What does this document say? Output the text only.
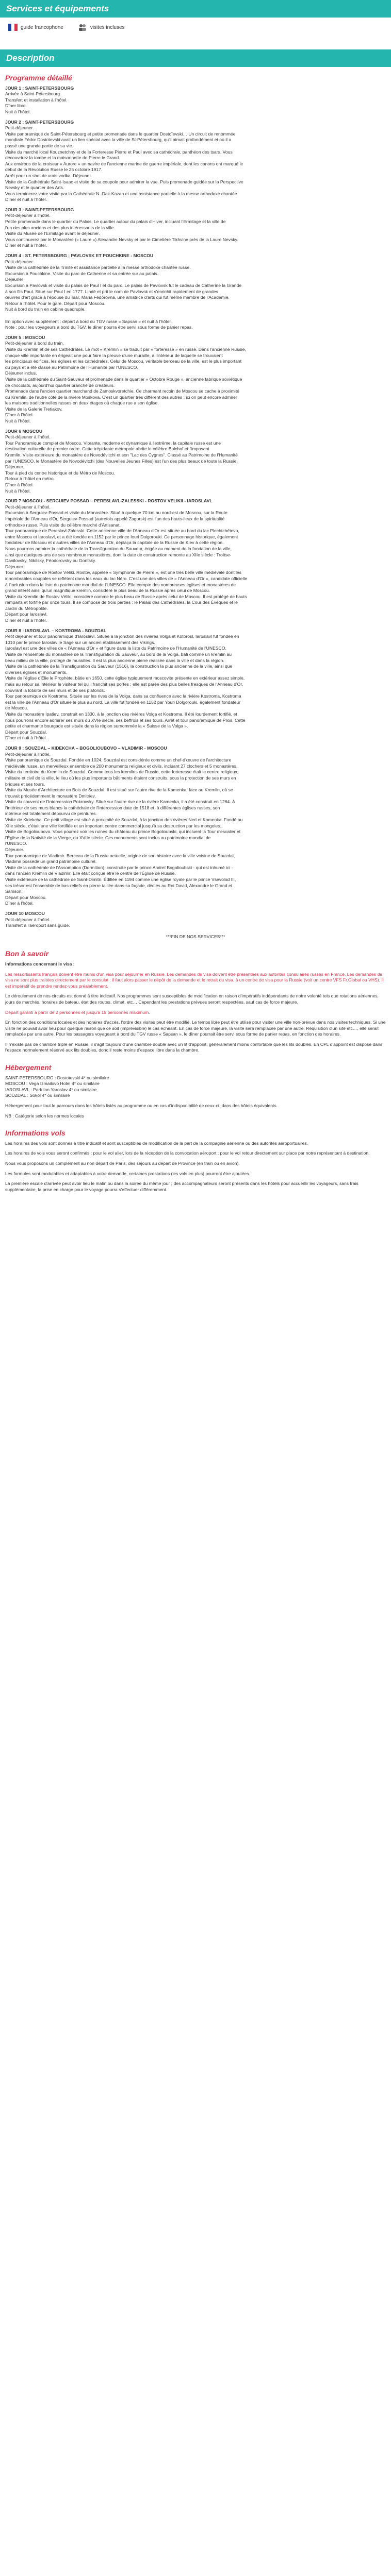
Services et équipements
guide francophone	visites incluses
Description
Programme détaillé
JOUR 1 : SAINT-PETERSBOURG
Arrivée à Saint-Pétersbourg.
Transfert et installation à l'hôtel.
Dîner libre.
Nuit à l'hôtel.
JOUR 2 : SAINT-PETERSBOURG
Petit-déjeuner.
Visite panoramique de Saint-Pétersbourg et petite promenade dans le quartier Dostoïevski… Un circuit de renommée
mondiale Fédor Dostoïevski avait un lien spécial avec la ville de St-Pétersbourg, qu'il aimait profondément et où il a
passé une grande partie de sa vie.
Visite du marché local Kouznetchny et de la Forteresse Pierre et Paul avec sa cathédrale, panthéon des tsars. Vous
découvrirez la tombe et la maisonnette de Pierre le Grand.
Aux environs de la croiseur « Aurore » un navire de l'ancienne marine de guerre impériale, dont les canons ont marqué le
début de la Révolution Russe le 25 octobre 1917.
Arrêt pour un shot de vrais vodka. Déjeuner.
Visite de la Cathédrale Saint-Isaac et visite de sa coupole pour admirer la vue. Puis promenade guidée sur la Perspective
Nevsky et le quartier des Arts.
Vous terminerez votre visite par la Cathédrale N.-Dak-Kazan et une assistance partielle à la messe orthodoxe chantée.
Dîner et nuit à l'hôtel.
JOUR 3 : SAINT-PETERSBOURG
Petit-déjeuner à l'hôtel.
Petite promenade dans le quartier du Palais. Le quartier autour du palais d'Hiver, incluant l'Ermitage et la ville de
l'un des plus anciens et des plus intéressants de la ville.
Visite du Musée de l'Ermitage avant le déjeuner.
Vous continuerez par le Monastère (« Laure ») Alexandre Nevsky et par le Cimetière Tikhvine près de la Laure Nevsky.
Dîner et nuit à l'hôtel.
JOUR 4 : ST. PETERSBOURG ; PAVLOVSK ET POUCHKINE - MOSCOU
Petit-déjeuner.
Visite de la cathédrale de la Trinité et assistance partielle à la messe orthodoxe chantée russe.
Excursion à Pouchkine. Visite du parc de Catherine et sa entrée sur au palais.
Déjeuner
Excursion à Pavlovsk et visite du palais de Paul I et du parc. Le palais de Pavlovsk fut le cadeau de Catherine la Grande
à son fils Paul. Situé sur Paul I en 1777. Lindé et prit le nom de Pavlovsk et s'enrichit rapidement de grandes
œuvres d'art grâce à l'épouse du Tsar, Maria Fedorovna, une amatrice d'arts qui fut même membre de l'Académie.
Retour à l'hôtel. Pour le gare. Départ pour Moscou.
Nuit à bord du train en cabine quadruple.

En option avec supplément : départ à bord du TGV russe « Sapsan » et nuit à l'hôtel.
Note : pour les voyageurs à bord du TGV, le dîner pourra être servi sous forme de panier repas.
JOUR 5 : MOSCOU
Petit-déjeuner à bord du train.
Visite du Kremlin et de ses Cathédrales. Le mot « Kremlin » se traduit par « forteresse » en russe. Dans l'ancienne Russie,
chaque ville importante en érigeait une pour faire la preuve d'une muraille, à l'intérieur de laquelle se trouvaient
les principaux édifices, les églises et les cathédrales. Celui de Moscou, véritable berceau de la ville, est le plus important
du pays et a été classé au Patrimoine de l'Humanité par l'UNESCO.
Déjeuner inclus.
Visite de la cathédrale du Saint-Sauveur et promenade dans le quartier « Octobre Rouge », ancienne fabrique soviétique
de chocolats, aujourd'hui quartier branché de créateurs.
Promenade dans l'ancien quartier marchand de Zamoskvoretchie. Ce charmant recoin de Moscou se cache à proximité
du Kremlin, de l'autre côté de la rivière Moskova. C'est un quartier très différent des autres : ici on peut encore admirer
les maisons traditionnelles russes en deux étages où chaque rue a son église.
Visite de la Galerie Tretiakov.
Dîner à l'hôtel.
Nuit à l'hôtel.
JOUR 6 MOSCOU
Petit-déjeuner à l'hôtel.
Tour Panoramique complet de Moscou. Vibrante, moderne et dynamique à l'extrême, la capitale russe est une
destination culturelle de premier ordre. Cette trépidante métropole abrite le célèbre Bolchoï et l'imposant
Kremlin. Visite extérieure du monastère de Novodévitchi et son "Lac des Cygnes". Classé au Patrimoine de l'Humanité
par l'UNESCO, le Monastère de Novodévitchi (des Nouvelles Jeunes Filles) est l'un des plus beaux de toute la Russie.
Déjeuner.
Tour à pied du centre historique et du Métro de Moscou.
Retour à l'hôtel en métro.
Dîner à l'hôtel.
Nuit à l'hôtel.
JOUR 7 MOSCOU - SERGUIEV POSSAD – PERESLAVL-ZALESSKI - ROSTOV VELIKII - IAROSLAVL
Petit-déjeuner à l'hôtel.
Excursion à Serguiev-Possad et visite du Monastère. Situé à quelque 70 km au nord-est de Moscou, sur la Route
Impériale de l'Anneau d'Or, Serguiev-Possad (autrefois appelé Zagorsk) est l'un des hauts-lieux de la spiritualité
orthodoxe russe. Puis visite du célèbre marché d'Artisanat.
Tour panoramique de Pereslavl-Zalesski. Cette ancienne ville de l'Anneau d'Or est située au bord du lac Plechtchéïevo,
entre Moscou et Iaroslavl, et a été fondée en 1152 par le prince Iouri Dolgorouki. Ce personnage historique, également
fondateur de Moscou et d'autres villes de l'Anneau d'Or, déplaça la capitale de la Russie de Kiev à cette région.
Nous pourrons admirer la cathédrale de la Transfiguration du Sauveur, érigée au moment de la fondation de la ville,
ainsi que quelques-uns de ses nombreux monastères, dont la date de construction remonte au XIIe siècle : Troïtse-
Danilovsky, Nikitsky, Féodorovsky ou Goritsky.
Déjeuner.
Tour panoramique de Rostov Véliki. Rostov, appelée « Symphonie de Pierre », est une très belle ville médiévale dont les
innombrables coupoles se reflètent dans les eaux du lac Néro. C'est une des villes de « l'Anneau d'Or », candidate officielle
à l'inclusion dans la liste du patrimoine mondial de l'UNESCO. Elle compte des nombreuses églises et monastères de
grand intérêt ainsi qu'un magnifique kremlin, considéré le plus beau de la Russie après celui de Moscou.
Visite du Kremlin de Rostov Véliki, considéré comme le plus beau de Russie après celui de Moscou. Il est protégé de hauts
remparts et fortifié par onze tours. Il se compose de trois parties : le Palais des Cathédrales, la Cour des Évêques et le
Jardin du Métropolite.
Départ pour Iaroslavl.
Dîner et nuit à l'hôtel.
JOUR 8 : IAROSLAVL – KOSTROMA - SOUZDAL
Petit déjeuner et tour panoramique d'Iaroslavl. Située à la jonction des rivières Volga et Kotorosl, Iaroslavl fut fondée en
1010 par le prince Iaroslav le Sage sur un ancien établissement des Vikings.
Iaroslavl est une des villes de « l'Anneau d'Or » et figure dans la liste du Patrimoine de l'Humanité de l'UNESCO.
Visite de l'ensemble du monastère de la Transfiguration du Sauveur, au bord de la Volga, bâti comme un kremlin au
beau milieu de la ville, protégé de murailles. Il est la plus ancienne pierre réalisée dans la ville et dans la région.
Visite de la cathédrale de la Transfiguration du Sauveur (1516), la construction la plus ancienne de la ville, ainsi que
diverses églises et monuments.
Visite de l'église d'Élie le Prophète, bâtie en 1650, cette église typiquement moscovite présente en extérieur assez simple,
mais au retour sa intérieur le visiteur tel qu'il franchit ses portes : elle est parée des plus belles fresques de l'Anneau d'Or,
couvrant la totalité de ses murs et de ses plafonds.
Tour panoramique de Kostroma. Située sur les rives de la Volga, dans sa confluence avec la rivière Kostroma, Kostroma
est la ville de l'Anneau d'Or située le plus au nord. La ville fut fondée en 1152 par Youri Dolgorouki, également fondateur
de Moscou.
Visite du monastère Ipatiev, construit en 1330, à la jonction des rivières Volga et Kostroma. Il été lourdement fortifié, et
nous pourrons encore admirer ses murs du XVIe siècle, ses beffrois et ses tours. Arrêt et tour panoramique de Plios. Cette
petite et charmante bourgade est située dans la région surnommée la « Suisse de la Volga ».
Départ pour Souzdal.
Dîner et nuit à l'hôtel.
JOUR 9 : SOUZDAL – KIDEKCHA – BOGOLIOUBOVO – VLADIMIR - MOSCOU
Petit-déjeuner à l'hôtel.
Visite panoramique de Souzdal. Fondée en 1024, Souzdal est considérée comme un chef-d'œuvre de l'architecture
médiévale russe, un merveilleux ensemble de 200 monuments religieux et civils, incluant 27 clochers et 5 monastères.
Visite du territoire du Kremlin de Souzdal. Comme tous les kremlins de Russie, cette forteresse était le centre religieux,
militaire et civil de la ville, le lieu où les plus importants bâtiments étaient construits, sous la protection de ses murs en
briques et ses tours.
Visite du Musée d'Architecture en Bois de Souzdal. Il est situé sur l'autre rive de la Kamenka, face au Kremlin, où se
trouvait précédemment le monastère Dmitriev.
Visite du couvent de l'Intercession Pokrovsky. Situé sur l'autre rive de la rivière Kamenka, il a été construit en 1264. À
l'intérieur de ses murs blancs la cathédrale de l'Intercession date de 1518 et, à différentes églises russes, son
intérieur est totalement dépourvu de peintures.
Visite de Kidekcha. Ce petit village est situé à proximité de Souzdal, à la jonction des rivières Nerl et Kamenka. Fondé au
XIIe siècle, c'était une ville fortifiée et un important centre commercial jusqu'à sa destruction par les mongoles.
Visite de Bogolioubovo. Vous pourrez voir les ruines du château du prince Bogolioubski, qui incluent la Tour d'escalier et
l'Église de la Nativité de la Vierge, du XVIIe siècle. Ces monuments sont inclus au patrimoine mondial de
l'UNESCO.
Déjeuner.
Tour panoramique de Vladimir. Berceau de la Russie actuelle, origine de son histoire avec la ville voisine de Souzdal,
Vladimir possède un grand patrimoine culturel.
Visite de la cathédrale de l'Assomption (Dormition), construite par le prince Andreï Bogolioubski - qui est inhumé ici -
dans l'ancien Kremlin de Vladimir. Elle était conçue être le centre de l'Église de Russie.
Visite extérieure de la cathédrale de Saint-Dimitri. Édifiée en 1194 comme une église royale par le prince Vsevolod III,
ses trésor est l'ensemble de bas-reliefs en pierre taillée dans sa façade, dédiés au Roi David, Alexandre le Grand et
Samson.
Départ pour Moscou.
Dîner à l'hôtel.
JOUR 10 MOSCOU
Petit-déjeuner à l'hôtel.
Transfert à l'aéroport sans guide.
***FIN DE NOS SERVICES***
Bon à savoir
Informations concernant le visa :
Les ressortissants français doivent être munis d'un visa pour séjourner en Russie. Les demandes de visa doivent être présentées aux autorités consulaires russes en France. Les demandes de visa ne sont plus traitées directement par le consulat : il faut alors passer le dépôt de la demande et le retrait du visa, à un centre de visa pour la Russie (voit un centre VFS Fr.Global ou VHS). Il est impératif de prendre rendez-vous préalablement.
Le déroulement de nos circuits est donné à titre indicatif. Nos programmes sont susceptibles de modification en raison d'impératifs indépendants de notre volonté tels que rotations aériennes, jours de marchés, horaires de bateau, état des routes, climat, etc… Cependant les prestations prévues seront respectées, sauf cas de force majeure.
Départ garanti à partir de 2 personnes et jusqu'à 15 personnes maximum.
En fonction des conditions locales et des horaires d'accès, l'ordre des visites peut être modifié. Le temps libre peut être utilisé pour visiter une ville non-prévue dans nos visites techniques. Si une visite ne pouvait avoir lieu pour quelque raison que ce soit (imprévisible) le cas échéant. En cas de force majeure, la visite sera remplacée par une autre. Réquisition d'un site etc…, elle serait remplacée par une autre. Pour les passagers voyageant à bord du TGV russe « Sapsan », le dîner pourrait être servi sous forme de panier repas, en fonction des horaires.
Il n'existe pas de chambre triple en Russie, il s'agit toujours d'une chambre double avec un lit d'appoint, généralement moins confortable que les lits doubles. En CPL d'appoint est disposé dans l'espace normalement réservé aux lits doubles, donc il reste moins d'espace libre dans la chambre.
Hébergement
SAINT-PETERSBOURG : Dostoïevski 4* ou similaire
MOSCOU : Vega Izmailovo Hotel 4* ou similaire
IAROSLAVL : Park Inn Yaroslav 4* ou similaire
SOUZDAL : Sokol 4* ou similaire
Hébergement pour tout le parcours dans les hôtels listés au programme ou en cas d'indisponibilité de ceux-ci, dans des hôtels équivalents.
NB : Catégorie selon les normes locales
Informations vols
Les horaires des vols sont donnés à titre indicatif et sont susceptibles de modification de la part de la compagnie aérienne ou des autorités aéroportuaires.
Les horaires de vols vous seront confirmés : pour le vol aller, lors de la réception de la convocation aéroport ; pour le vol retour directement sur place par notre représentant à destination.
Nous vous proposons un complément au non départ de Paris, des séjours au départ de Province (en train ou en avion).
Les formules sont modulables et adaptables à votre demande, certaines prestations (les vols en plus) pourront être ajoutées.
La première escale d'arrivée peut avoir lieu le matin ou dans la soirée du même jour ; des accompagnateurs seront présents dans les hôtels pour accueillir les voyageurs, sans frais supplémentaire, la prise en charge pour le voyage pourra s'effectuer différemment.
